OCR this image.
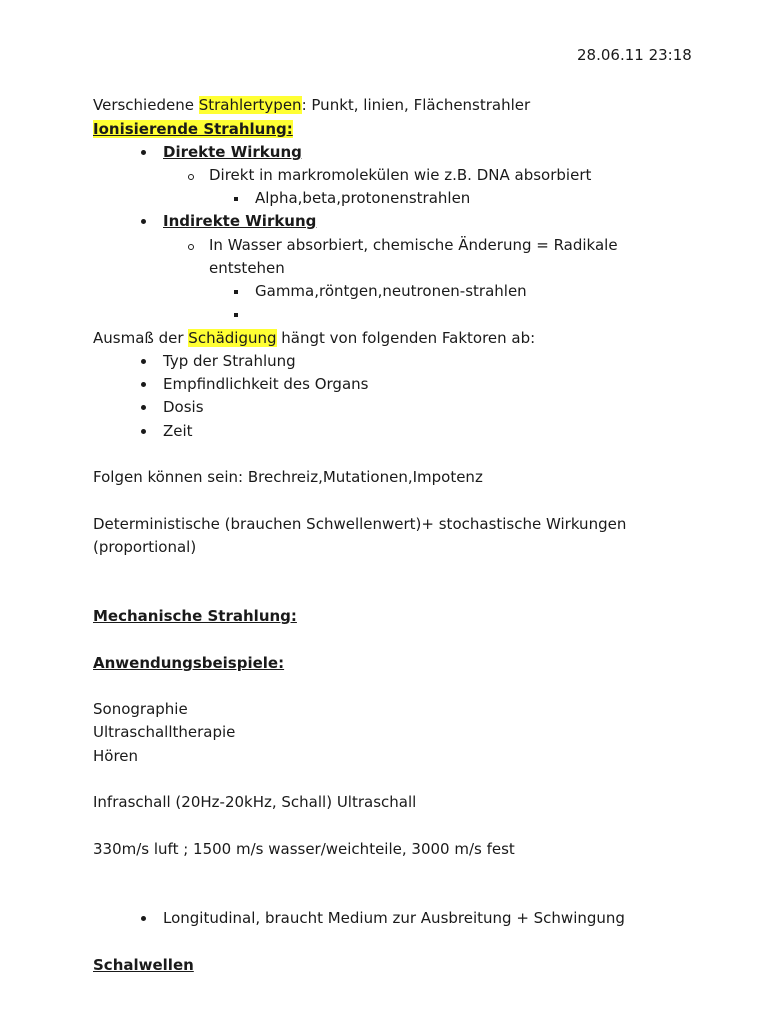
28.06.11 23:18
Verschiedene Strahlertypen: Punkt, linien, Flächenstrahler
Ionisierende Strahlung:
Direkte Wirkung
Direkt in markromolekülen wie z.B. DNA absorbiert
Alpha,beta,protonenstrahlen
Indirekte Wirkung
In Wasser absorbiert, chemische Änderung = Radikale
entstehen
Gamma,röntgen,neutronen-strahlen
Ausmaß der Schädigung hängt von folgenden Faktoren ab:
Typ der Strahlung
Empfindlichkeit des Organs
Dosis
Zeit
Folgen können sein: Brechreiz,Mutationen,Impotenz
Deterministische (brauchen Schwellenwert)+ stochastische Wirkungen
(proportional)
Mechanische Strahlung:
Anwendungsbeispiele:
Sonographie
Ultraschalltherapie
Hören
Infraschall (20Hz-20kHz, Schall) Ultraschall
330m/s luft ; 1500 m/s wasser/weichteile, 3000 m/s fest
Longitudinal, braucht Medium zur Ausbreitung + Schwingung
Schalwellen
